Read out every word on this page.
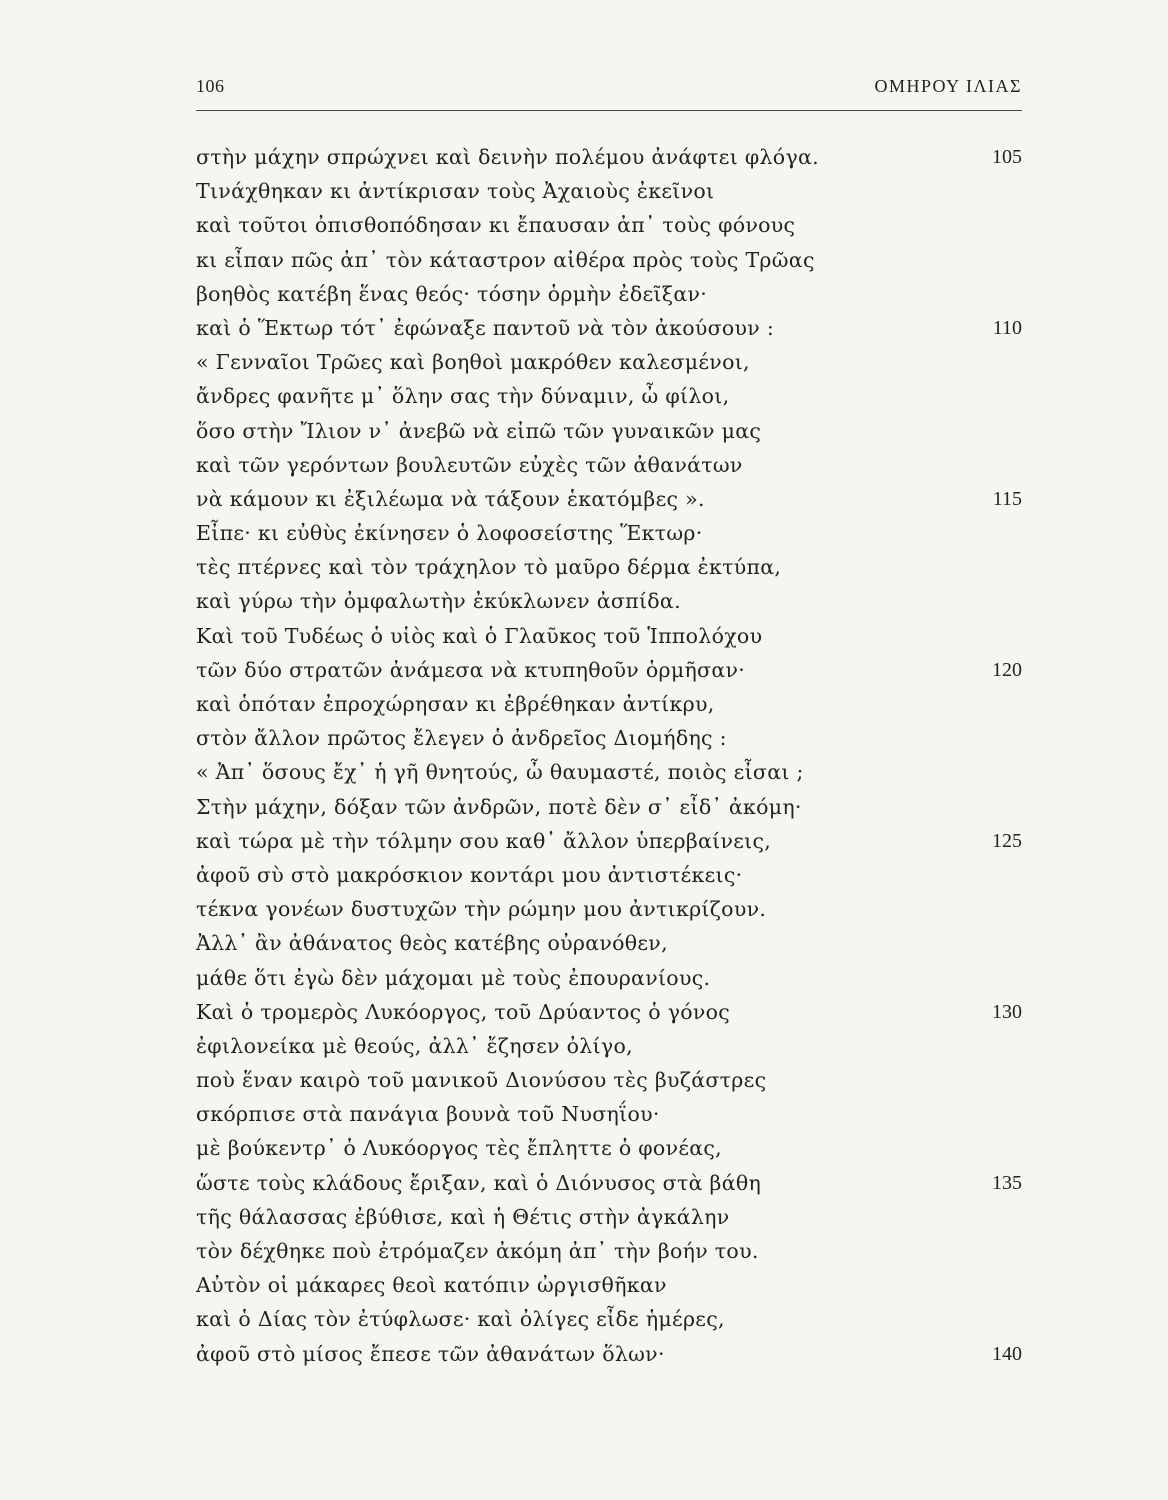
106	ΟΜΗΡΟΥ ΙΛΙΑΣ
στὴν μάχην σπρώχνει καὶ δεινὴν πολέμου ἀνάφτει φλόγα.	105
Τινάχθηκαν κι ἀντίκρισαν τοὺς Ἀχαιοὺς ἐκεῖνοι
καὶ τοῦτοι ὀπισθοπόδησαν κι ἔπαυσαν ἀπ᾽ τοὺς φόνους
κι εἶπαν πῶς ἀπ᾽ τὸν κάταστρον αἰθέρα πρὸς τοὺς Τρῶας
βοηθὸς κατέβη ἕνας θεός· τόσην ὁρμὴν ἐδεῖξαν·
καὶ ὁ Ἕκτωρ τότ᾽ ἐφώναξε παντοῦ νὰ τὸν ἀκούσουν :	110
« Γενναῖοι Τρῶες καὶ βοηθοὶ μακρόθεν καλεσμένοι,
ἄνδρες φανῆτε μ᾽ ὅλην σας τὴν δύναμιν, ὦ φίλοι,
ὅσο στὴν Ἴλιον ν᾽ ἀνεβῶ νὰ εἰπῶ τῶν γυναικῶν μας
καὶ τῶν γερόντων βουλευτῶν εὐχὲς τῶν ἀθανάτων
νὰ κάμουν κι ἐξιλέωμα νὰ τάξουν ἑκατόμβες ».	115
Εἶπε· κι εὐθὺς ἐκίνησεν ὁ λοφοσείστης Ἕκτωρ·
τὲς πτέρνες καὶ τὸν τράχηλον τὸ μαῦρο δέρμα ἐκτύπα,
καὶ γύρω τὴν ὀμφαλωτὴν ἐκύκλωνεν ἀσπίδα.
Καὶ τοῦ Τυδέως ὁ υἱὸς καὶ ὁ Γλαῦκος τοῦ Ἱππολόχου
τῶν δύο στρατῶν ἀνάμεσα νὰ κτυπηθοῦν ὁρμῆσαν·	120
καὶ ὁπόταν ἐπροχώρησαν κι ἐβρέθηκαν ἀντίκρυ,
στὸν ἄλλον πρῶτος ἔλεγεν ὁ ἀνδρεῖος Διομήδης :
« Ἀπ᾽ ὅσους ἔχ᾽ ἡ γῆ θνητούς, ὦ θαυμαστέ, ποιὸς εἶσαι ;
Στὴν μάχην, δόξαν τῶν ἀνδρῶν, ποτὲ δὲν σ᾽ εἶδ᾽ ἀκόμη·
καὶ τώρα μὲ τὴν τόλμην σου καθ᾽ ἄλλον ὑπερβαίνεις,	125
ἀφοῦ σὺ στὸ μακρόσκιον κοντάρι μου ἀντιστέκεις·
τέκνα γονέων δυστυχῶν τὴν ρώμην μου ἀντικρίζουν.
Ἀλλ᾽ ἂν ἀθάνατος θεὸς κατέβης οὐρανόθεν,
μάθε ὅτι ἐγὼ δὲν μάχομαι μὲ τοὺς ἐπουρανίους.
Καὶ ὁ τρομερὸς Λυκόοργος, τοῦ Δρύαντος ὁ γόνος	130
ἐφιλονείκα μὲ θεούς, ἀλλ᾽ ἔζησεν ὀλίγο,
ποὺ ἕναν καιρὸ τοῦ μανικοῦ Διονύσου τὲς βυζάστρες
σκόρπισε στὰ πανάγια βουνὰ τοῦ Νυσηΐου·
μὲ βούκεντρ᾽ ὁ Λυκόοργος τὲς ἔπληττε ὁ φονέας,
ὥστε τοὺς κλάδους ἔριξαν, καὶ ὁ Διόνυσος στὰ βάθη	135
τῆς θάλασσας ἐβύθισε, καὶ ἡ Θέτις στὴν ἀγκάλην
τὸν δέχθηκε ποὺ ἐτρόμαζεν ἀκόμη ἀπ᾽ τὴν βοήν του.
Αὐτὸν οἱ μάκαρες θεοὶ κατόπιν ὠργισθῆκαν
καὶ ὁ Δίας τὸν ἐτύφλωσε· καὶ ὀλίγες εἶδε ἡμέρες,
ἀφοῦ στὸ μίσος ἔπεσε τῶν ἀθανάτων ὅλων·	140
